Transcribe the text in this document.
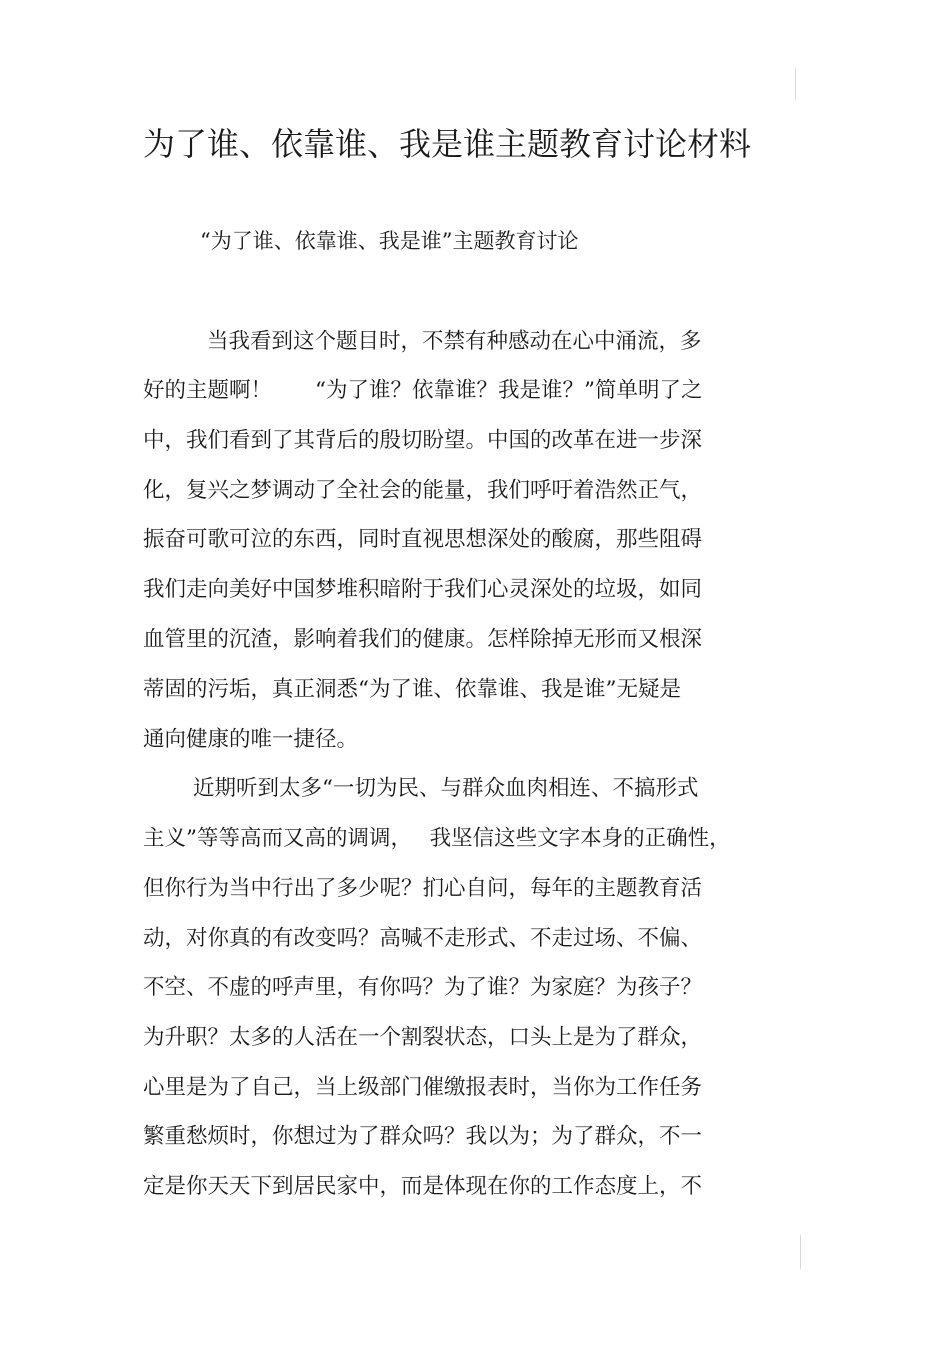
为了谁、依靠谁、我是谁主题教育讨论材料
“为了谁、依靠谁、我是谁”主题教育讨论
当我看到这个题目时，不禁有种感动在心中涌流，多
好的主题啊！　　“为了谁？依靠谁？我是谁？”简单明了之
中，我们看到了其背后的殷切盼望。中国的改革在进一步深
化，复兴之梦调动了全社会的能量，我们呼吁着浩然正气，
振奋可歌可泣的东西，同时直视思想深处的酸腐，那些阻碍
我们走向美好中国梦堆积暗附于我们心灵深处的垃圾，如同
血管里的沉渣，影响着我们的健康。怎样除掉无形而又根深
蒂固的污垢，真正洞悉“为了谁、依靠谁、我是谁”无疑是
通向健康的唯一捷径。
近期听到太多“一切为民、与群众血肉相连、不搞形式
主义”等等高而又高的调调，　 我坚信这些文字本身的正确性，
但你行为当中行出了多少呢？扪心自问，每年的主题教育活
动，对你真的有改变吗？高喊不走形式、不走过场、不偏、
不空、不虚的呼声里，有你吗？为了谁？为家庭？为孩子？
为升职？太多的人活在一个割裂状态，口头上是为了群众，
心里是为了自己，当上级部门催缴报表时，当你为工作任务
繁重愁烦时，你想过为了群众吗？我以为；为了群众，不一
定是你天天下到居民家中，而是体现在你的工作态度上，不
